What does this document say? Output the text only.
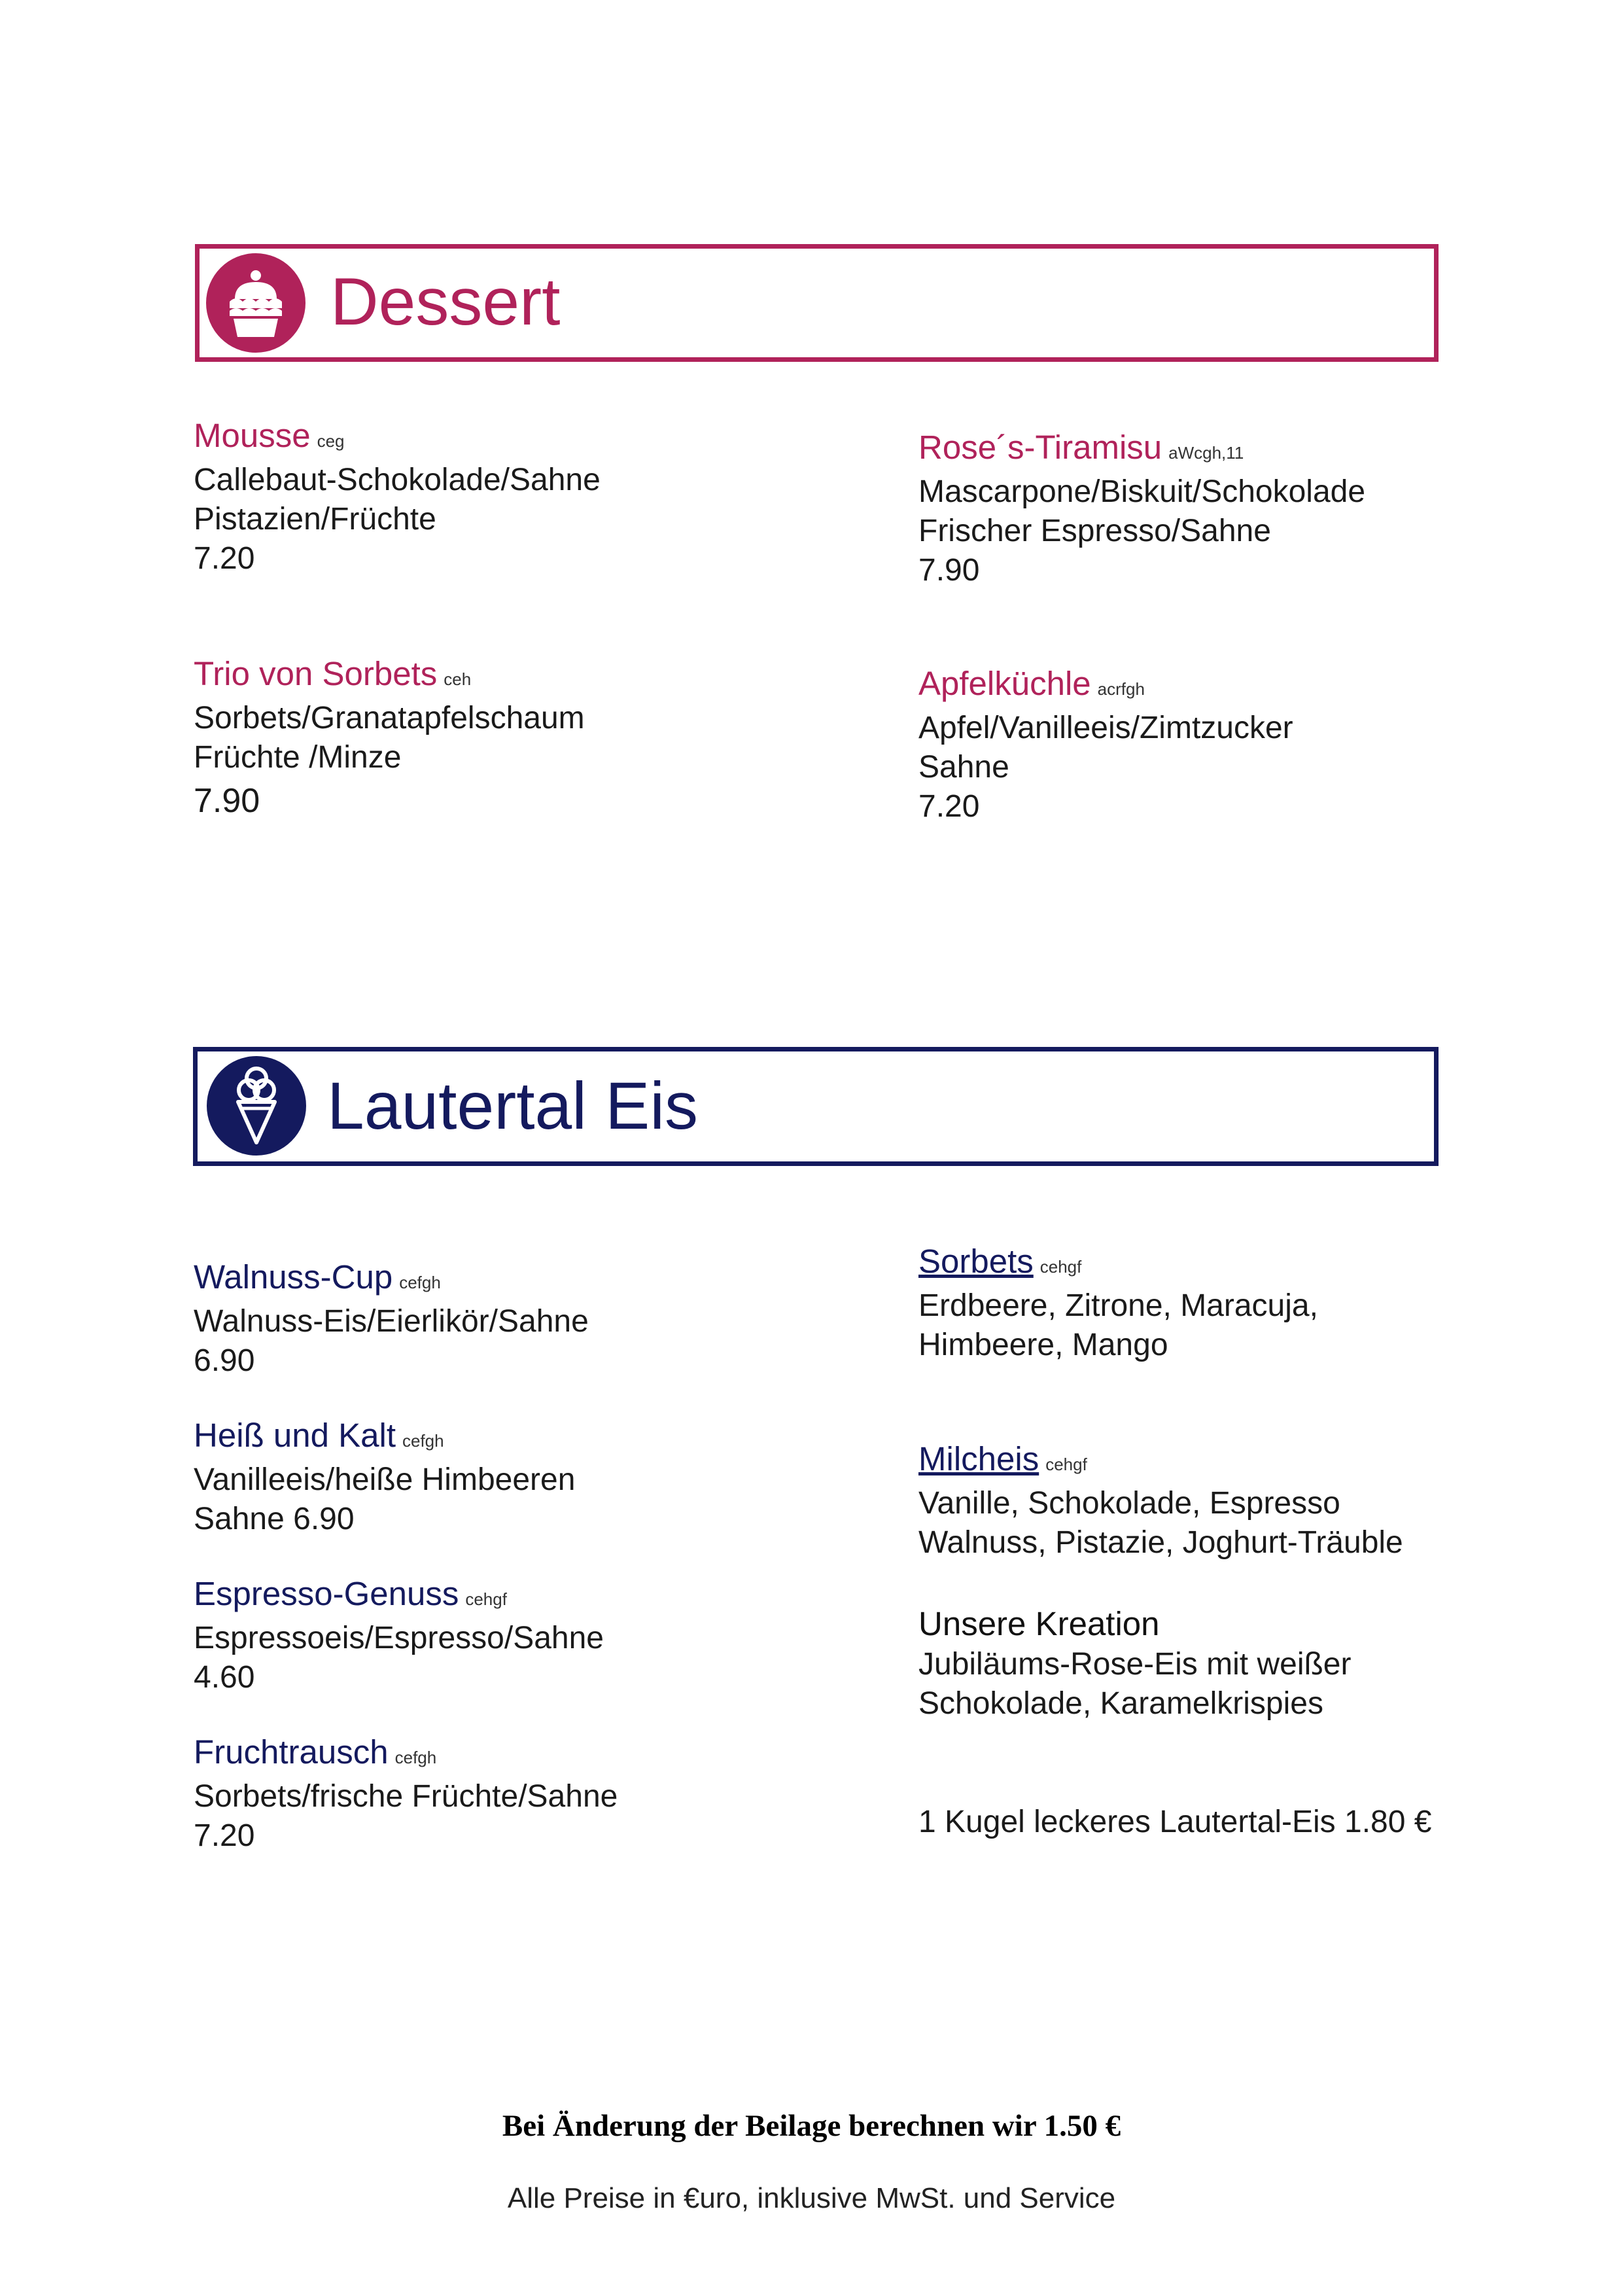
Dessert
Mousse ceg
Callebaut-Schokolade/Sahne
Pistazien/Früchte
7.20
Rose´s-Tiramisu aWcgh,11
Mascarpone/Biskuit/Schokolade
Frischer Espresso/Sahne
7.90
Trio von Sorbets ceh
Sorbets/Granatapfelschaum
Früchte /Minze
7.90
Apfelküchle acrfgh
Apfel/Vanilleeis/Zimtzucker
Sahne
7.20
Lautertal Eis
Walnuss-Cup cefgh
Walnuss-Eis/Eierlikör/Sahne
6.90
Heiß und Kalt cefgh
Vanilleeis/heiße Himbeeren
Sahne 6.90
Espresso-Genuss cehgf
Espressoeis/Espresso/Sahne
4.60
Fruchtrausch cefgh
Sorbets/frische Früchte/Sahne
7.20
Sorbets cehgf
Erdbeere, Zitrone, Maracuja,
Himbeere, Mango
Milcheis cehgf
Vanille, Schokolade, Espresso
Walnuss, Pistazie, Joghurt-Träuble
Unsere Kreation
Jubiläums-Rose-Eis mit weißer
Schokolade, Karamelkrispies
1 Kugel leckeres Lautertal-Eis 1.80 €
Bei Änderung der Beilage berechnen wir 1.50 €
Alle Preise in €uro, inklusive MwSt. und Service
